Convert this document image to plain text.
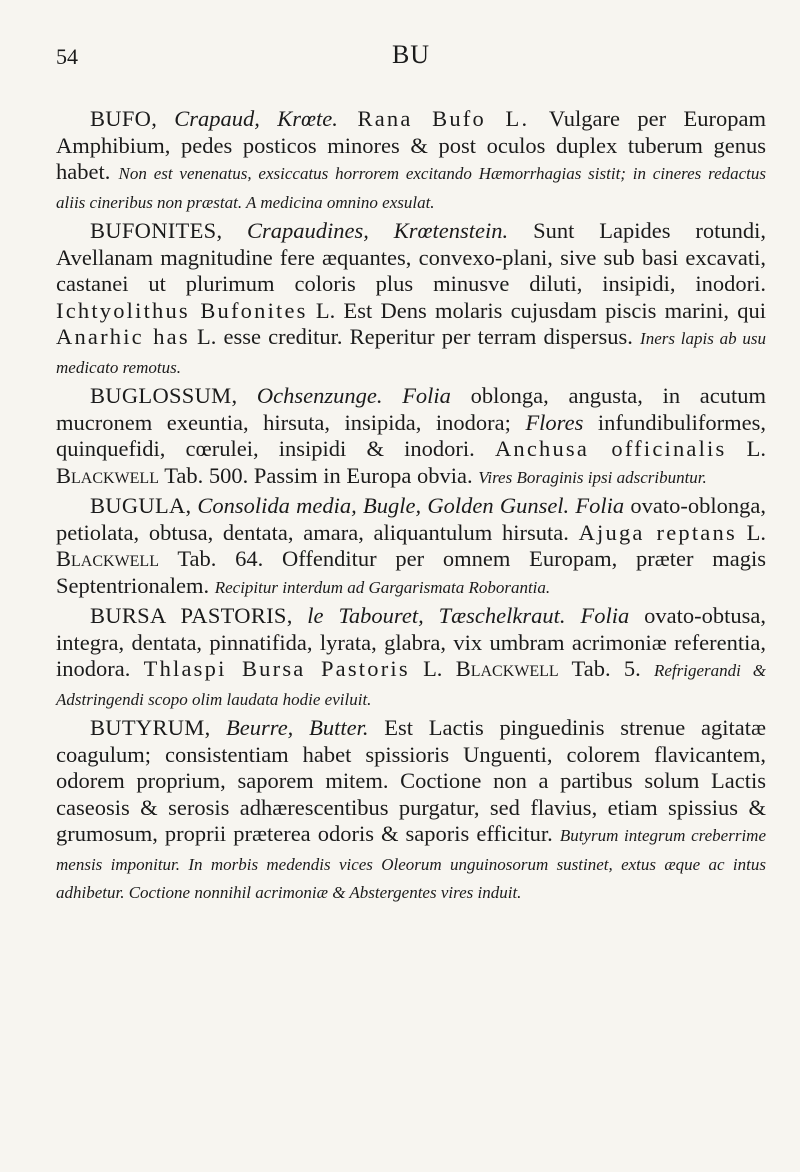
54	BU

BUFO, Crapaud, Krœte. Rana Bufo L. Vulgare per Europam Amphibium, pedes posticos minores & post oculos duplex tuberum genus habet. Non est venenatus, exsiccatus horrorem excitando Hæmorrhagias sistit; in cineres redactus aliis cineribus non præstat. A medicina omnino exsulat.

BUFONITES, Crapaudines, Krœtenstein. Sunt Lapides rotundi, Avellanam magnitudine fere æquantes, convexo-plani, sive sub basi excavati, castanei ut plurimum coloris plus minusve diluti, insipidi, inodori. Ichtyolithus Bufonites L. Est Dens molaris cujusdam piscis marini, qui Anarhic has L. esse creditur. Reperitur per terram dispersus. Iners lapis ab usu medicato remotus.

BUGLOSSUM, Ochsenzunge. Folia oblonga, angusta, in acutum mucronem exeuntia, hirsuta, insipida, inodora; Flores infundibuliformes, quinquefidi, cœrulei, insipidi & inodori. Anchusa officinalis L. Blackwell Tab. 500. Passim in Europa obvia. Vires Boraginis ipsi adscribuntur.

BUGULA, Consolida media, Bugle, Golden Gunsel. Folia ovato-oblonga, petiolata, obtusa, dentata, amara, aliquantulum hirsuta. Ajuga reptans L. Blackwell Tab. 64. Offenditur per omnem Europam, præter magis Septentrionalem. Recipitur interdum ad Gargarismata Roborantia.

BURSA PASTORIS, le Tabouret, Tæschelkraut. Folia ovato-obtusa, integra, dentata, pinnatifida, lyrata, glabra, vix umbram acrimoniæ referentia, inodora. Thlaspi Bursa Pastoris L. Blackwell Tab. 5. Refrigerandi & Adstringendi scopo olim laudata hodie eviluit.

BUTYRUM, Beurre, Butter. Est Lactis pinguedinis strenue agitatæ coagulum; consistentiam habet spissioris Unguenti, colorem flavicantem, odorem proprium, saporem mitem. Coctione non a partibus solum Lactis caseosis & serosis adhærescentibus purgatur, sed flavius, etiam spissius & grumosum, proprii præterea odoris & saporis efficitur. Butyrum integrum creberrime mensis imponitur. In morbis medendis vices Oleorum unguinosorum sustinet, extus æque ac intus adhibetur. Coctione nonnihil acrimoniæ & Abstergentes vires induit.
